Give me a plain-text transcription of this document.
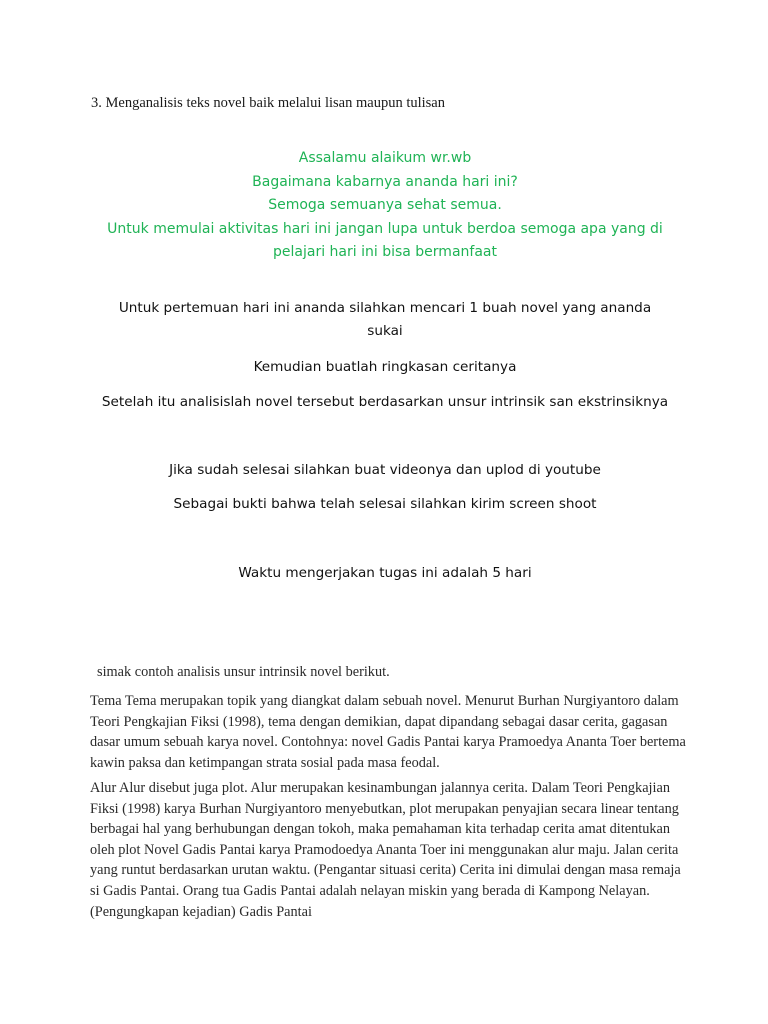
3. Menganalisis teks novel baik melalui lisan maupun tulisan
Assalamu alaikum wr.wb
Bagaimana kabarnya ananda hari ini?
Semoga semuanya sehat semua.
Untuk memulai aktivitas hari ini jangan lupa untuk berdoa semoga apa yang di
pelajari hari ini bisa bermanfaat
Untuk pertemuan hari ini ananda silahkan mencari 1 buah novel yang ananda
sukai
Kemudian buatlah ringkasan ceritanya
Setelah itu analisislah novel tersebut berdasarkan unsur intrinsik san ekstrinsiknya
Jika sudah selesai silahkan buat videonya dan uplod di youtube
Sebagai bukti bahwa telah selesai silahkan kirim screen shoot
Waktu mengerjakan tugas ini adalah 5 hari
simak contoh analisis unsur intrinsik novel berikut.
Tema Tema merupakan topik yang diangkat dalam sebuah novel. Menurut Burhan Nurgiyantoro dalam Teori Pengkajian Fiksi (1998), tema dengan demikian, dapat dipandang sebagai dasar cerita, gagasan dasar umum sebuah karya novel. Contohnya: novel Gadis Pantai karya Pramoedya Ananta Toer bertema kawin paksa dan ketimpangan strata sosial pada masa feodal.
Alur Alur disebut juga plot. Alur merupakan kesinambungan jalannya cerita. Dalam Teori Pengkajian Fiksi (1998) karya Burhan Nurgiyantoro menyebutkan, plot merupakan penyajian secara linear tentang berbagai hal yang berhubungan dengan tokoh, maka pemahaman kita terhadap cerita amat ditentukan oleh plot Novel Gadis Pantai karya Pramodoedya Ananta Toer ini menggunakan alur maju. Jalan cerita yang runtut berdasarkan urutan waktu. (Pengantar situasi cerita) Cerita ini dimulai dengan masa remaja si Gadis Pantai. Orang tua Gadis Pantai adalah nelayan miskin yang berada di Kampong Nelayan. (Pengungkapan kejadian) Gadis Pantai
